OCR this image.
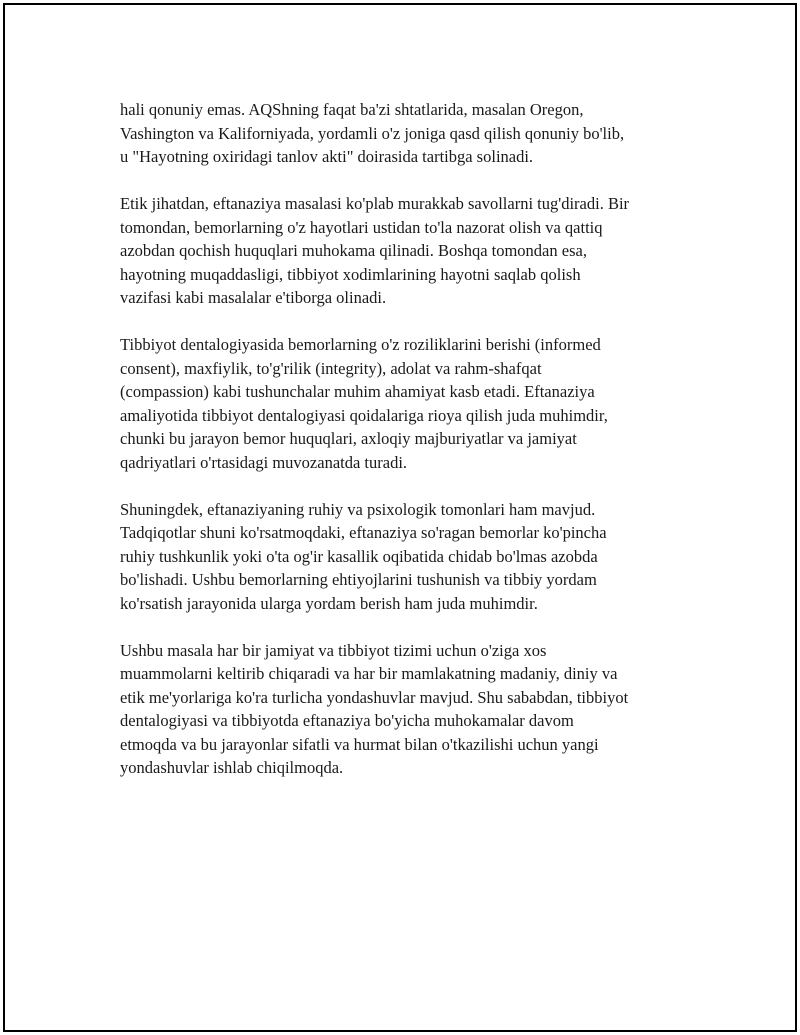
hali qonuniy emas. AQShning faqat ba'zi shtatlarida, masalan Oregon,
Vashington va Kaliforniyada, yordamli o'z joniga qasd qilish qonuniy bo'lib,
u "Hayotning oxiridagi tanlov akti" doirasida tartibga solinadi.

Etik jihatdan, eftanaziya masalasi ko'plab murakkab savollarni tug'diradi. Bir
tomondan, bemorlarning o'z hayotlari ustidan to'la nazorat olish va qattiq
azobdan qochish huquqlari muhokama qilinadi. Boshqa tomondan esa,
hayotning muqaddasligi, tibbiyot xodimlarining hayotni saqlab qolish
vazifasi kabi masalalar e'tiborga olinadi.

Tibbiyot dentalogiyasida bemorlarning o'z roziliklarini berishi (informed
consent), maxfiylik, to'g'rilik (integrity), adolat va rahm-shafqat
(compassion) kabi tushunchalar muhim ahamiyat kasb etadi. Eftanaziya
amaliyotida tibbiyot dentalogiyasi qoidalariga rioya qilish juda muhimdir,
chunki bu jarayon bemor huquqlari, axloqiy majburiyatlar va jamiyat
qadriyatlari o'rtasidagi muvozanatda turadi.

Shuningdek, eftanaziyaning ruhiy va psixologik tomonlari ham mavjud.
Tadqiqotlar shuni ko'rsatmoqdaki, eftanaziya so'ragan bemorlar ko'pincha
ruhiy tushkunlik yoki o'ta og'ir kasallik oqibatida chidab bo'lmas azobda
bo'lishadi. Ushbu bemorlarning ehtiyojlarini tushunish va tibbiy yordam
ko'rsatish jarayonida ularga yordam berish ham juda muhimdir.

Ushbu masala har bir jamiyat va tibbiyot tizimi uchun o'ziga xos
muammolarni keltirib chiqaradi va har bir mamlakatning madaniy, diniy va
etik me'yorlariga ko'ra turlicha yondashuvlar mavjud. Shu sababdan, tibbiyot
dentalogiyasi va tibbiyotda eftanaziya bo'yicha muhokamalar davom
etmoqda va bu jarayonlar sifatli va hurmat bilan o'tkazilishi uchun yangi
yondashuvlar ishlab chiqilmoqda.
